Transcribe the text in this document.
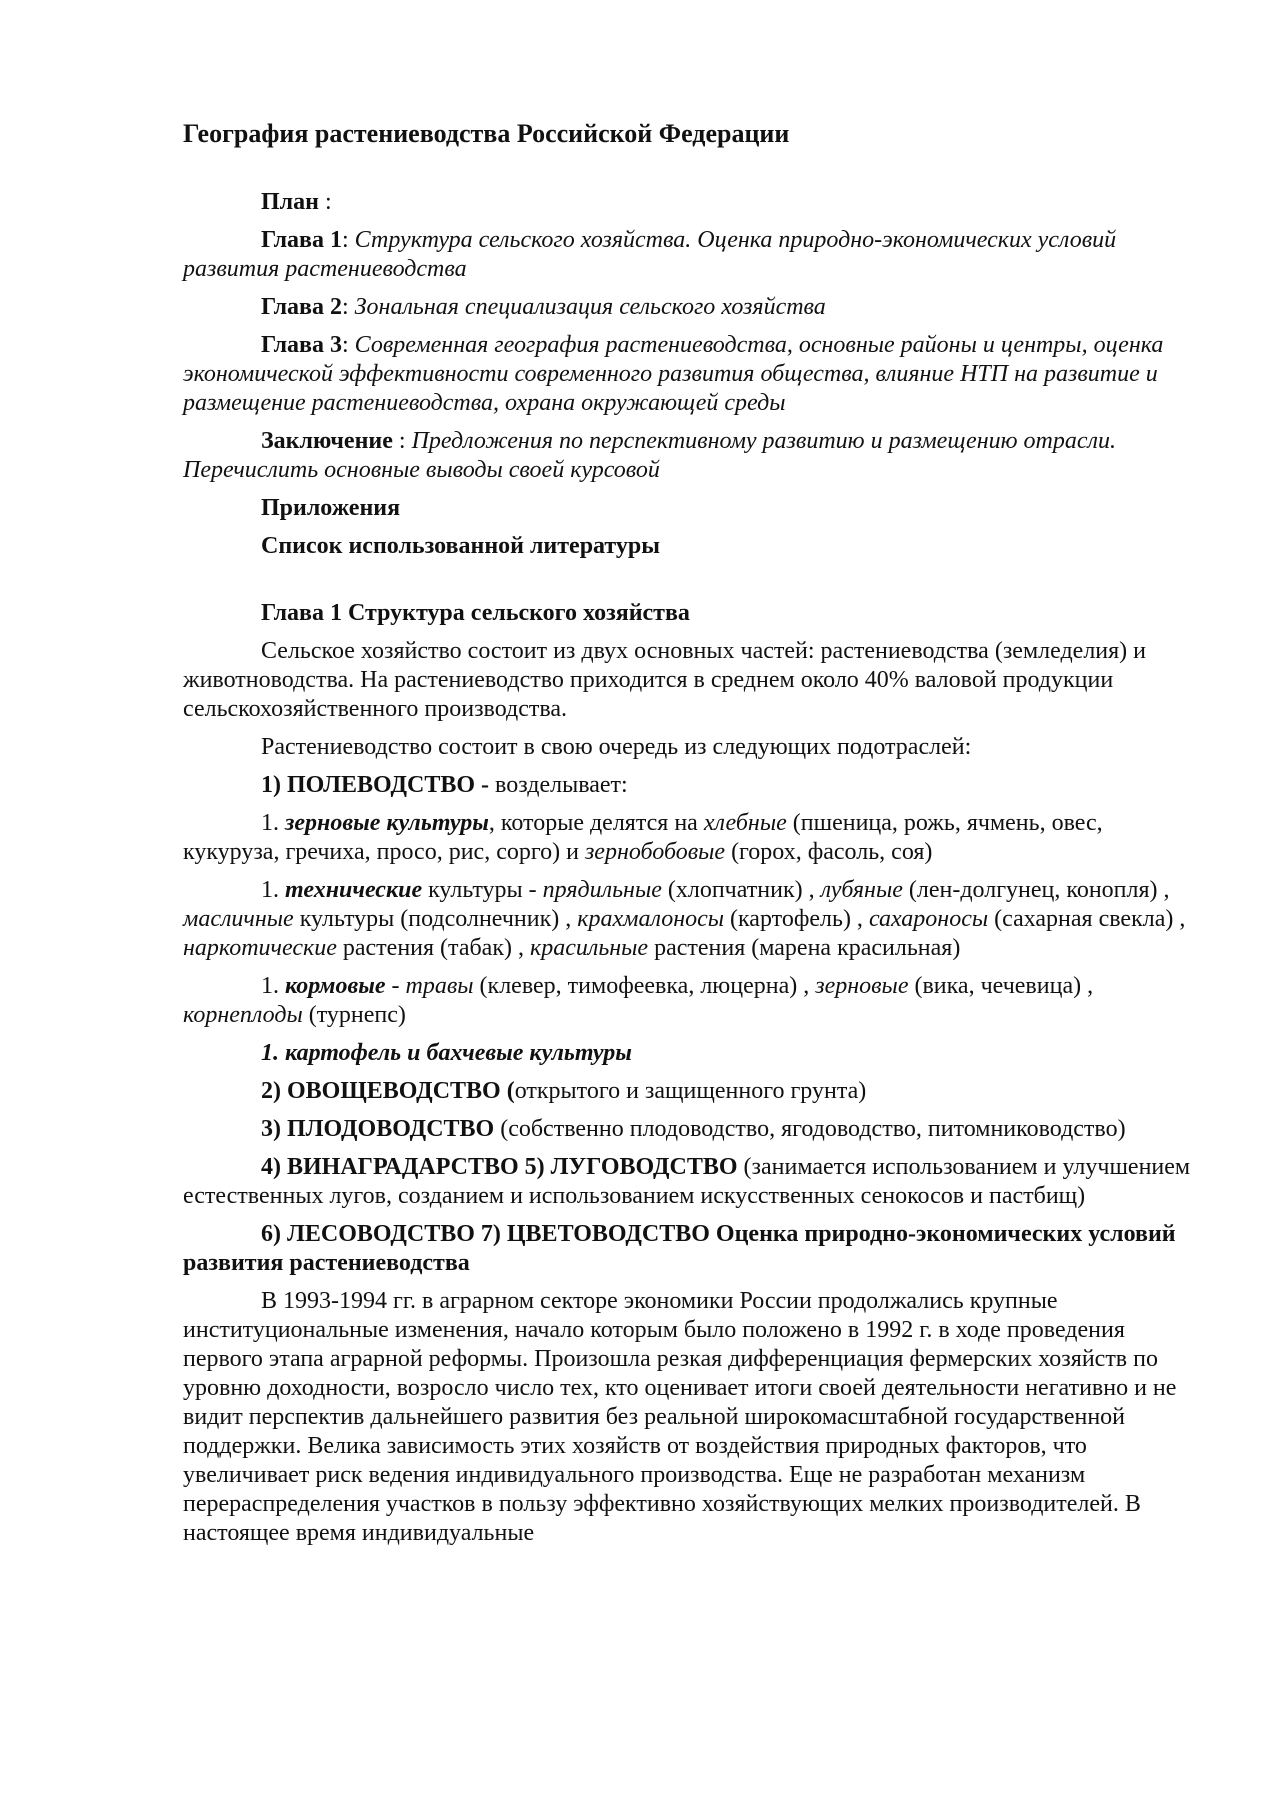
География растениеводства Российской Федерации

План :

Глава 1: Структура сельского хозяйства. Оценка природно-экономических условий развития растениеводства

Глава 2: Зональная специализация сельского хозяйства

Глава 3: Современная география растениеводства, основные районы и центры, оценка экономической эффективности современного развития общества, влияние НТП на развитие и размещение растениеводства, охрана окружающей среды

Заключение : Предложения по перспективному развитию и размещению отрасли. Перечислить основные выводы своей курсовой

Приложения

Список использованной литературы

Глава 1 Структура сельского хозяйства

Сельское хозяйство состоит из двух основных частей: растениеводства (земледелия) и животноводства. На растениеводство приходится в среднем около 40% валовой продукции сельскохозяйственного производства.

Растениеводство состоит в свою очередь из следующих подотраслей:

1) ПОЛЕВОДСТВО - возделывает:

1. зерновые культуры, которые делятся на хлебные (пшеница, рожь, ячмень, овес, кукуруза, гречиха, просо, рис, сорго) и зернобобовые (горох, фасоль, соя)

1. технические культуры - прядильные (хлопчатник) , лубяные (лен-долгунец, конопля) , масличные культуры (подсолнечник) , крахмалоносы (картофель) , сахароносы (сахарная свекла) , наркотические растения (табак) , красильные растения (марена красильная)

1. кормовые - травы (клевер, тимофеевка, люцерна) , зерновые (вика, чечевица) , корнеплоды (турнепс)

1. картофель и бахчевые культуры

2) ОВОЩЕВОДСТВО (открытого и защищенного грунта)

3) ПЛОДОВОДСТВО (собственно плодоводство, ягодоводство, питомниководство)

4) ВИНАГРАДАРСТВО 5) ЛУГОВОДСТВО (занимается использованием и улучшением естественных лугов, созданием и использованием искусственных сенокосов и пастбищ)

6) ЛЕСОВОДСТВО 7) ЦВЕТОВОДСТВО Оценка природно-экономических условий развития растениеводства

В 1993-1994 гг. в аграрном секторе экономики России продолжались крупные институциональные изменения, начало которым было положено в 1992 г. в ходе проведения первого этапа аграрной реформы. Произошла резкая дифференциация фермерских хозяйств по уровню доходности, возросло число тех, кто оценивает итоги своей деятельности негативно и не видит перспектив дальнейшего развития без реальной широкомасштабной государственной поддержки. Велика зависимость этих хозяйств от воздействия природных факторов, что увеличивает риск ведения индивидуального производства. Еще не разработан механизм перераспределения участков в пользу эффективно хозяйствующих мелких производителей. В настоящее время индивидуальные
